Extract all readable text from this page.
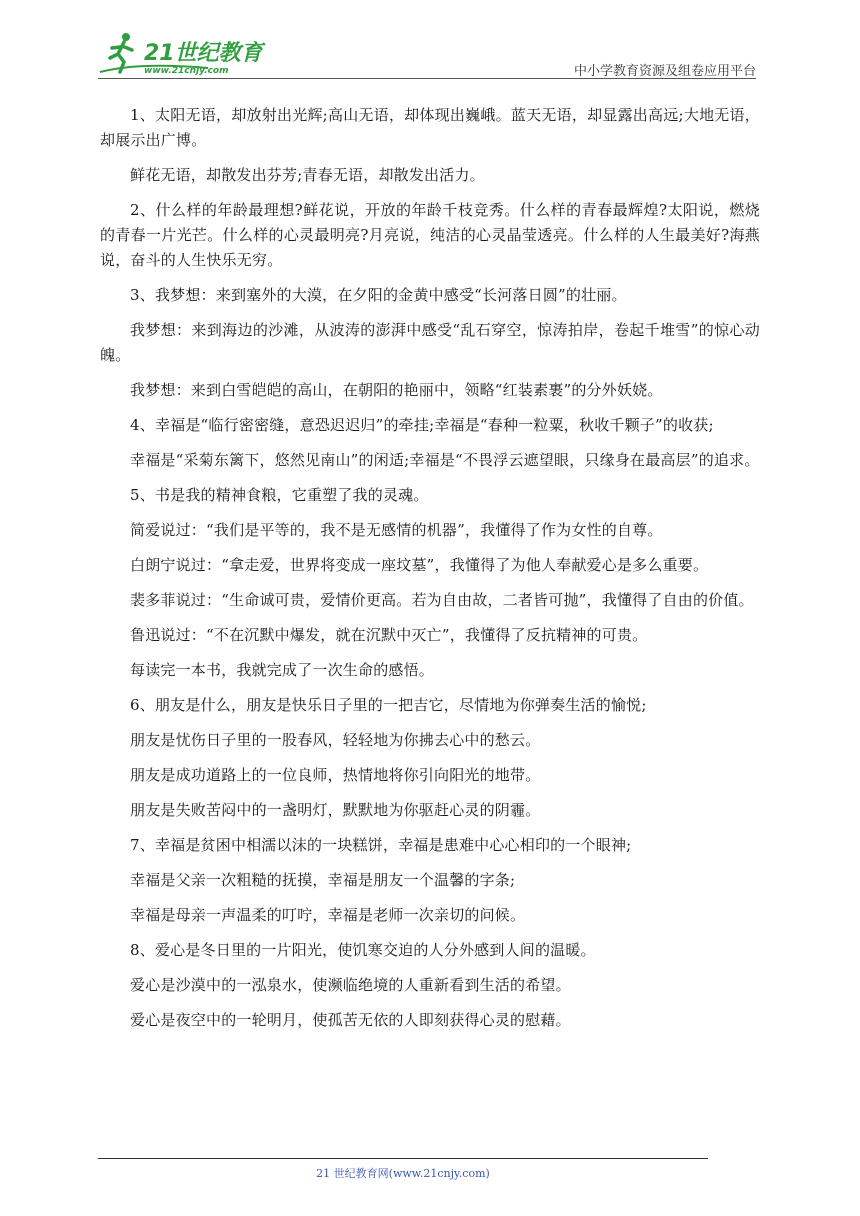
21世纪教育
www.21cnjy.com	中小学教育资源及组卷应用平台

1、太阳无语，却放射出光辉;高山无语，却体现出巍峨。蓝天无语，却显露出高远;大地无语，却展示出广博。

鲜花无语，却散发出芬芳;青春无语，却散发出活力。

2、什么样的年龄最理想?鲜花说，开放的年龄千枝竞秀。什么样的青春最辉煌?太阳说，燃烧的青春一片光芒。什么样的心灵最明亮?月亮说，纯洁的心灵晶莹透亮。什么样的人生最美好?海燕说，奋斗的人生快乐无穷。

3、我梦想：来到塞外的大漠，在夕阳的金黄中感受“长河落日圆”的壮丽。

我梦想：来到海边的沙滩，从波涛的澎湃中感受“乱石穿空，惊涛拍岸，卷起千堆雪”的惊心动魄。

我梦想：来到白雪皑皑的高山，在朝阳的艳丽中，领略“红装素裹”的分外妖娆。

4、幸福是“临行密密缝，意恐迟迟归”的牵挂;幸福是“春种一粒粟，秋收千颗子”的收获;

幸福是“采菊东篱下，悠然见南山”的闲适;幸福是“不畏浮云遮望眼，只缘身在最高层”的追求。

5、书是我的精神食粮，它重塑了我的灵魂。

简爱说过：“我们是平等的，我不是无感情的机器”，我懂得了作为女性的自尊。

白朗宁说过：“拿走爱，世界将变成一座坟墓”，我懂得了为他人奉献爱心是多么重要。

裴多菲说过：“生命诚可贵，爱情价更高。若为自由故，二者皆可抛”，我懂得了自由的价值。

鲁迅说过：“不在沉默中爆发，就在沉默中灭亡”，我懂得了反抗精神的可贵。

每读完一本书，我就完成了一次生命的感悟。

6、朋友是什么，朋友是快乐日子里的一把吉它，尽情地为你弹奏生活的愉悦;

朋友是忧伤日子里的一股春风，轻轻地为你拂去心中的愁云。

朋友是成功道路上的一位良师，热情地将你引向阳光的地带。

朋友是失败苦闷中的一盏明灯，默默地为你驱赶心灵的阴霾。

7、幸福是贫困中相濡以沫的一块糕饼，幸福是患难中心心相印的一个眼神;

幸福是父亲一次粗糙的抚摸，幸福是朋友一个温馨的字条;

幸福是母亲一声温柔的叮咛，幸福是老师一次亲切的问候。

8、爱心是冬日里的一片阳光，使饥寒交迫的人分外感到人间的温暖。

爱心是沙漠中的一泓泉水，使濒临绝境的人重新看到生活的希望。

爱心是夜空中的一轮明月，使孤苦无依的人即刻获得心灵的慰藉。

21 世纪教育网(www.21cnjy.com)
